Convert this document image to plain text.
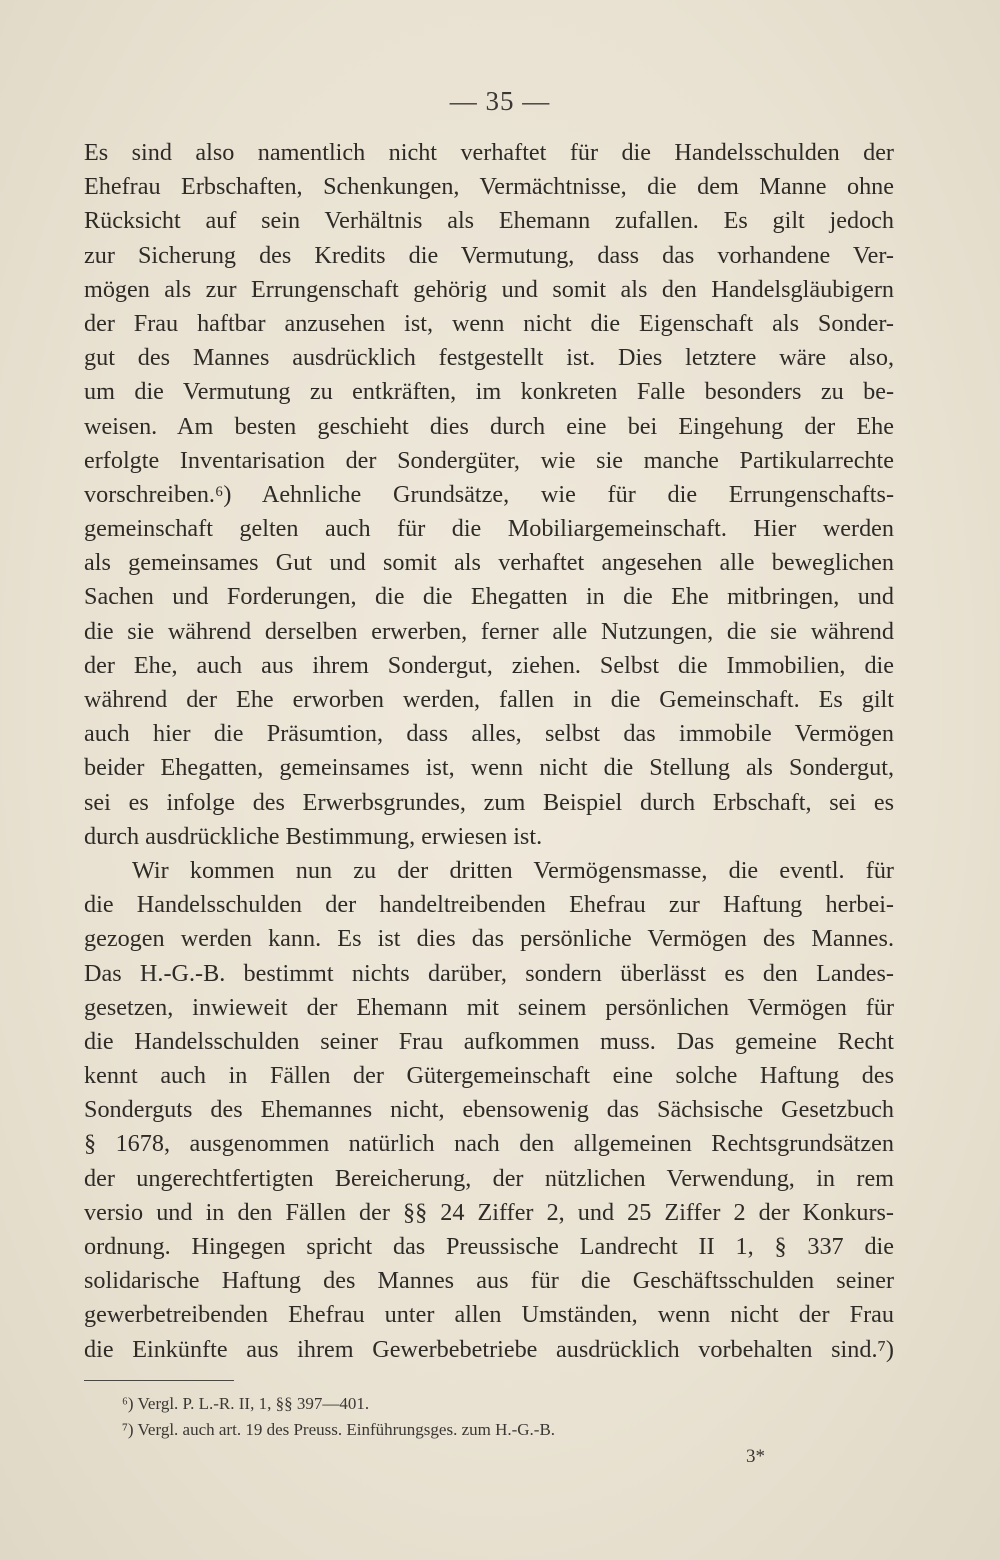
— 35 —
Es sind also namentlich nicht verhaftet für die Handelsschulden der
Ehefrau Erbschaften, Schenkungen, Vermächtnisse, die dem Manne ohne
Rücksicht auf sein Verhältnis als Ehemann zufallen. Es gilt jedoch
zur Sicherung des Kredits die Vermutung, dass das vorhandene Ver-
mögen als zur Errungenschaft gehörig und somit als den Handelsgläubigern
der Frau haftbar anzusehen ist, wenn nicht die Eigenschaft als Sonder-
gut des Mannes ausdrücklich festgestellt ist. Dies letztere wäre also,
um die Vermutung zu entkräften, im konkreten Falle besonders zu be-
weisen. Am besten geschieht dies durch eine bei Eingehung der Ehe
erfolgte Inventarisation der Sondergüter, wie sie manche Partikularrechte
vorschreiben.⁶) Aehnliche Grundsätze, wie für die Errungenschafts-
gemeinschaft gelten auch für die Mobiliargemeinschaft. Hier werden
als gemeinsames Gut und somit als verhaftet angesehen alle beweglichen
Sachen und Forderungen, die die Ehegatten in die Ehe mitbringen, und
die sie während derselben erwerben, ferner alle Nutzungen, die sie während
der Ehe, auch aus ihrem Sondergut, ziehen. Selbst die Immobilien, die
während der Ehe erworben werden, fallen in die Gemeinschaft. Es gilt
auch hier die Präsumtion, dass alles, selbst das immobile Vermögen
beider Ehegatten, gemeinsames ist, wenn nicht die Stellung als Sondergut,
sei es infolge des Erwerbsgrundes, zum Beispiel durch Erbschaft, sei es
durch ausdrückliche Bestimmung, erwiesen ist.
Wir kommen nun zu der dritten Vermögensmasse, die eventl. für
die Handelsschulden der handeltreibenden Ehefrau zur Haftung herbei-
gezogen werden kann. Es ist dies das persönliche Vermögen des Mannes.
Das H.-G.-B. bestimmt nichts darüber, sondern überlässt es den Landes-
gesetzen, inwieweit der Ehemann mit seinem persönlichen Vermögen für
die Handelsschulden seiner Frau aufkommen muss. Das gemeine Recht
kennt auch in Fällen der Gütergemeinschaft eine solche Haftung des
Sonderguts des Ehemannes nicht, ebensowenig das Sächsische Gesetzbuch
§ 1678, ausgenommen natürlich nach den allgemeinen Rechtsgrundsätzen
der ungerechtfertigten Bereicherung, der nützlichen Verwendung, in rem
versio und in den Fällen der §§ 24 Ziffer 2, und 25 Ziffer 2 der Konkurs-
ordnung. Hingegen spricht das Preussische Landrecht II 1, § 337 die
solidarische Haftung des Mannes aus für die Geschäftsschulden seiner
gewerbetreibenden Ehefrau unter allen Umständen, wenn nicht der Frau
die Einkünfte aus ihrem Gewerbebetriebe ausdrücklich vorbehalten sind.⁷)
⁶) Vergl. P. L.-R. II, 1, §§ 397—401.
⁷) Vergl. auch art. 19 des Preuss. Einführungsges. zum H.-G.-B.
3*
